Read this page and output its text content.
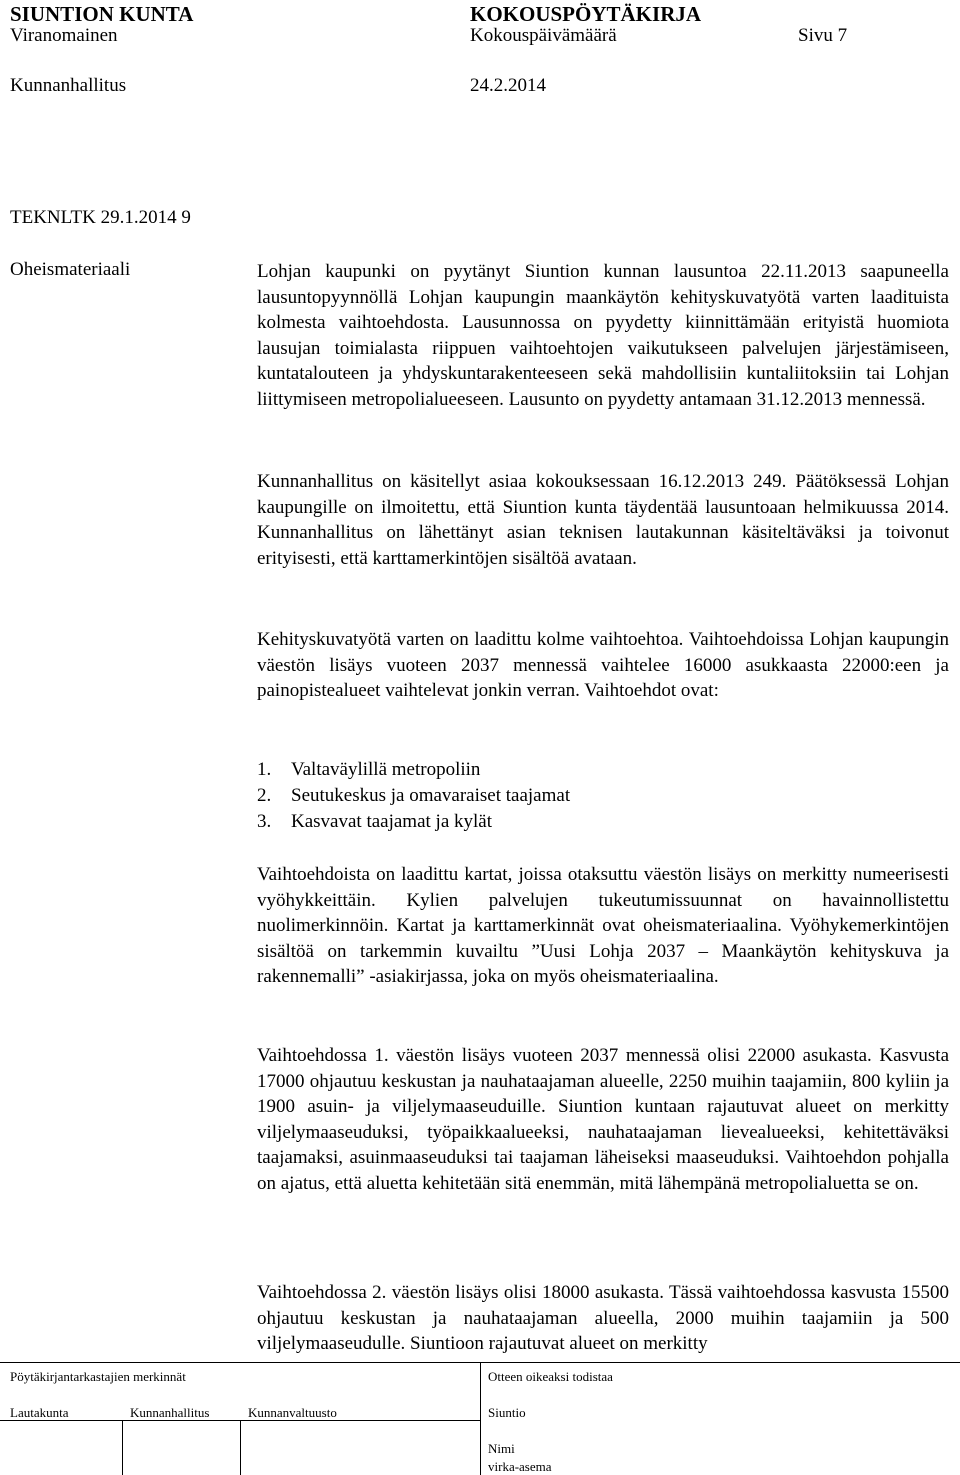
SIUNTION KUNTA	KOKOUSPÖYTÄKIRJA
Viranomainen	Kokouspäivämäärä	Sivu 7
Kunnanhallitus	24.2.2014
TEKNLTK 29.1.2014 9
Oheismateriaali	Lohjan kaupunki on pyytänyt Siuntion kunnan lausuntoa 22.11.2013 saapuneella lausuntopyynnöllä Lohjan kaupungin maankäytön kehityskuvatyötä varten laadituista kolmesta vaihtoehdosta. Lausunnossa on pyydetty kiinnittämään erityistä huomiota lausujan toimialasta riippuen vaihtoehtojen vaikutukseen palvelujen järjestämiseen, kuntatalouteen ja yhdyskuntarakenteeseen sekä mahdollisiin kuntaliitoksiin tai Lohjan liittymiseen metropolialueeseen. Lausunto on pyydetty antamaan 31.12.2013 mennessä.
Kunnanhallitus on käsitellyt asiaa kokouksessaan 16.12.2013 249. Päätöksessä Lohjan kaupungille on ilmoitettu, että Siuntion kunta täydentää lausuntoaan helmikuussa 2014. Kunnanhallitus on lähettänyt asian teknisen lautakunnan käsiteltäväksi ja toivonut erityisesti, että karttamerkintöjen sisältöä avataan.
Kehityskuvatyötä varten on laadittu kolme vaihtoehtoa. Vaihtoehdoissa Lohjan kaupungin väestön lisäys vuoteen 2037 mennessä vaihtelee 16000 asukkaasta 22000:een ja painopistealueet vaihtelevat jonkin verran. Vaihtoehdot ovat:
1. Valtaväylillä metropoliin
2. Seutukeskus ja omavaraiset taajamat
3. Kasvavat taajamat ja kylät
Vaihtoehdoista on laadittu kartat, joissa otaksuttu väestön lisäys on merkitty numeerisesti vyöhykkeittäin. Kylien palvelujen tukeutumissuunnat on havainnollistettu nuolimerkinnöin. Kartat ja karttamerkinnät ovat oheismateriaalina. Vyöhykemerkintöjen sisältöä on tarkemmin kuvailtu ”Uusi Lohja 2037 – Maankäytön kehityskuva ja rakennemalli” -asiakirjassa, joka on myös oheismateriaalina.
Vaihtoehdossa 1. väestön lisäys vuoteen 2037 mennessä olisi 22000 asukasta. Kasvusta 17000 ohjautuu keskustan ja nauhataajaman alueelle, 2250 muihin taajamiin, 800 kyliin ja 1900 asuin- ja viljelymaaseuduille. Siuntion kuntaan rajautuvat alueet on merkitty viljelymaaseuduksi, työpaikkaalueeksi, nauhataajaman lievealueeksi, kehitettäväksi taajamaksi, asuinmaaseuduksi tai taajaman läheiseksi maaseuduksi. Vaihtoehdon pohjalla on ajatus, että aluetta kehitetään sitä enemmän, mitä lähempänä metropolialuetta se on.
Vaihtoehdossa 2. väestön lisäys olisi 18000 asukasta. Tässä vaihtoehdossa kasvusta 15500 ohjautuu keskustan ja nauhataajaman alueella, 2000 muihin taajamiin ja 500 viljelymaaseudulle. Siuntioon rajautuvat alueet on merkitty
Pöytäkirjantarkastajien merkinnät	Otteen oikeaksi todistaa
Lautakunta	Kunnanhallitus	Kunnanvaltuusto	Siuntio
Nimi
virka-asema
